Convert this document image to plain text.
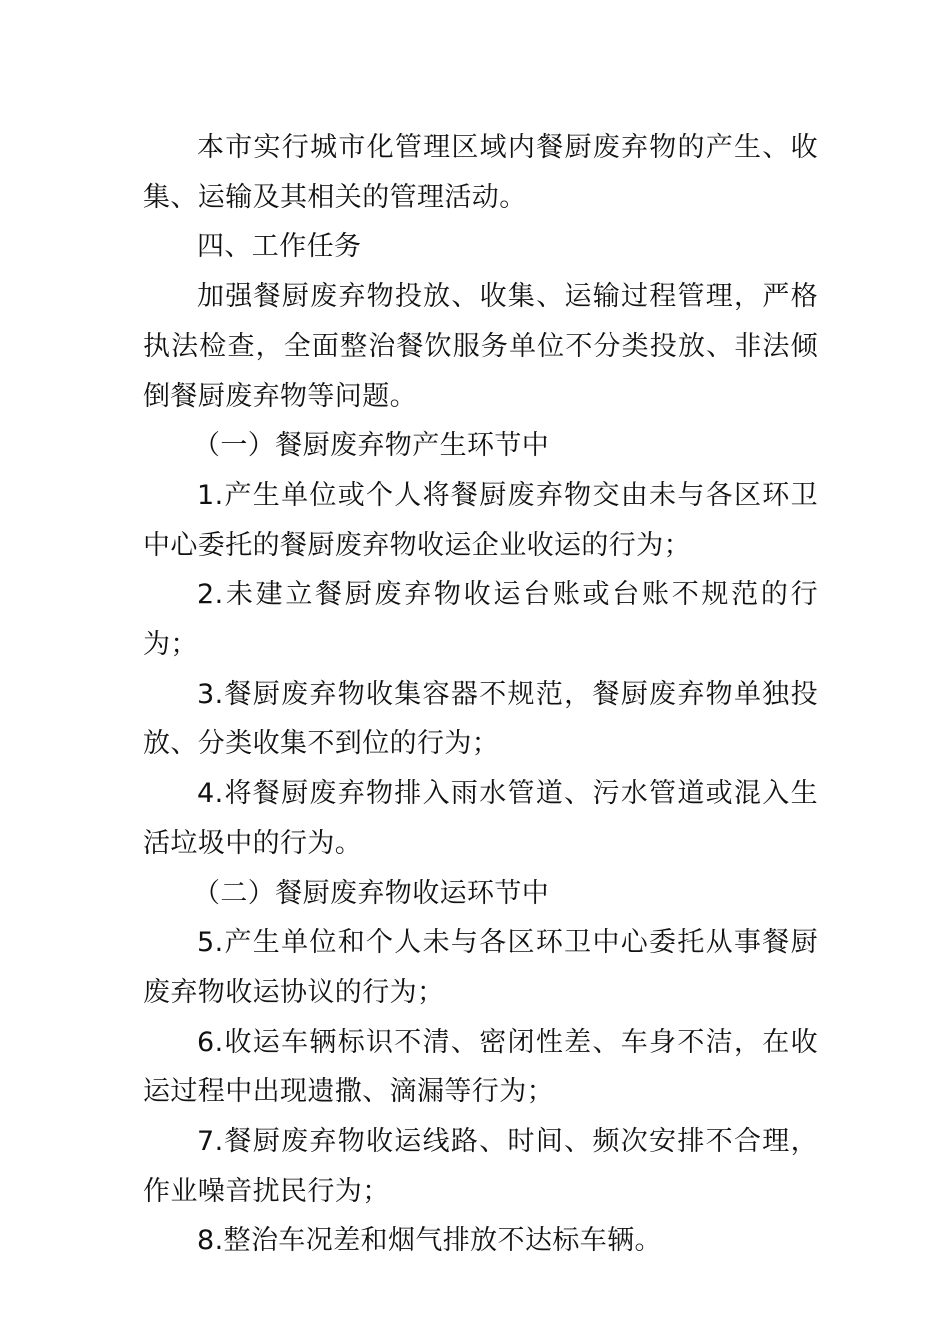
本市实行城市化管理区域内餐厨废弃物的产生、收集、运输及其相关的管理活动。

四、工作任务

加强餐厨废弃物投放、收集、运输过程管理，严格执法检查，全面整治餐饮服务单位不分类投放、非法倾倒餐厨废弃物等问题。

（一）餐厨废弃物产生环节中

1.产生单位或个人将餐厨废弃物交由未与各区环卫中心委托的餐厨废弃物收运企业收运的行为；

2.未建立餐厨废弃物收运台账或台账不规范的行为；

3.餐厨废弃物收集容器不规范，餐厨废弃物单独投放、分类收集不到位的行为；

4.将餐厨废弃物排入雨水管道、污水管道或混入生活垃圾中的行为。

（二）餐厨废弃物收运环节中

5.产生单位和个人未与各区环卫中心委托从事餐厨废弃物收运协议的行为；

6.收运车辆标识不清、密闭性差、车身不洁，在收运过程中出现遗撒、滴漏等行为；

7.餐厨废弃物收运线路、时间、频次安排不合理，作业噪音扰民行为；

8.整治车况差和烟气排放不达标车辆。
